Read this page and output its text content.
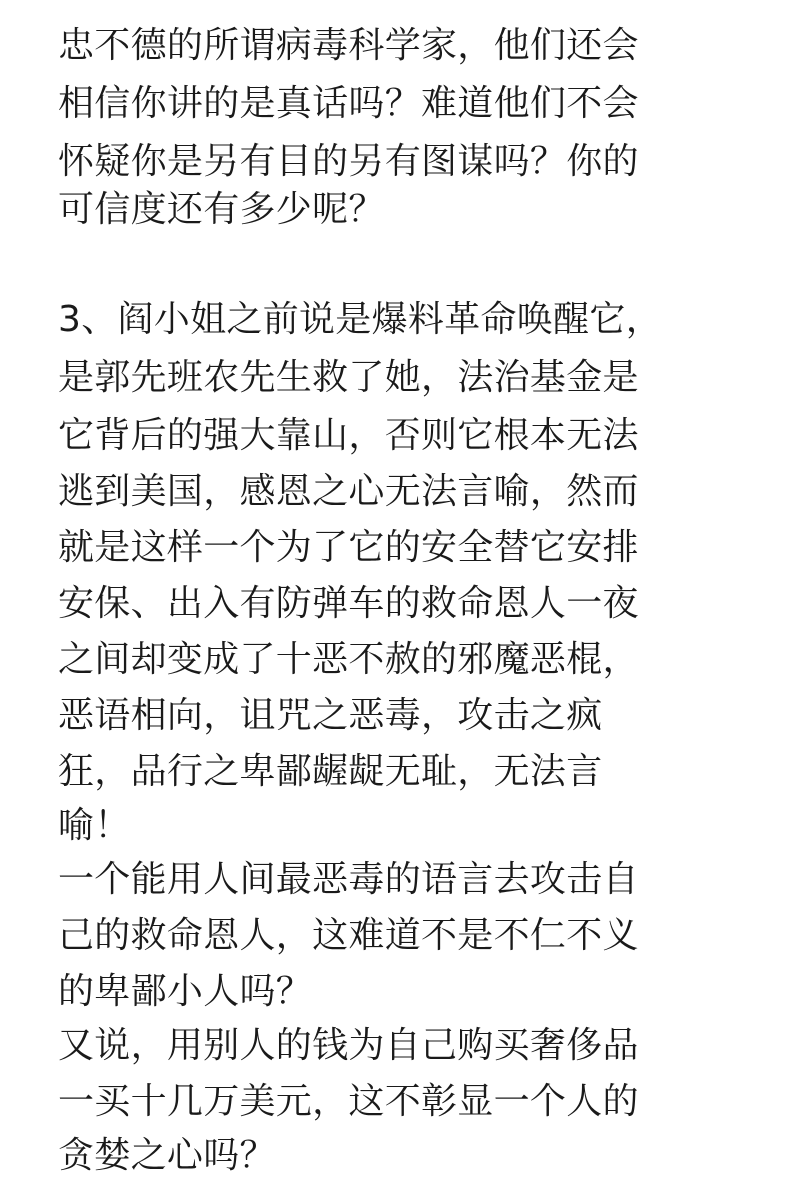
忠不德的所谓病毒科学家，他们还会
相信你讲的是真话吗？难道他们不会
怀疑你是另有目的另有图谋吗？你的
可信度还有多少呢？
3、阎小姐之前说是爆料革命唤醒它，
是郭先班农先生救了她，法治基金是
它背后的强大靠山，否则它根本无法
逃到美国，感恩之心无法言喻，然而
就是这样一个为了它的安全替它安排
安保、出入有防弹车的救命恩人一夜
之间却变成了十恶不赦的邪魔恶棍，
恶语相向，诅咒之恶毒，攻击之疯
狂，品行之卑鄙龌龊无耻，无法言
喻！
一个能用人间最恶毒的语言去攻击自
己的救命恩人，这难道不是不仁不义
的卑鄙小人吗？
又说，用别人的钱为自己购买奢侈品
一买十几万美元，这不彰显一个人的
贪婪之心吗？
